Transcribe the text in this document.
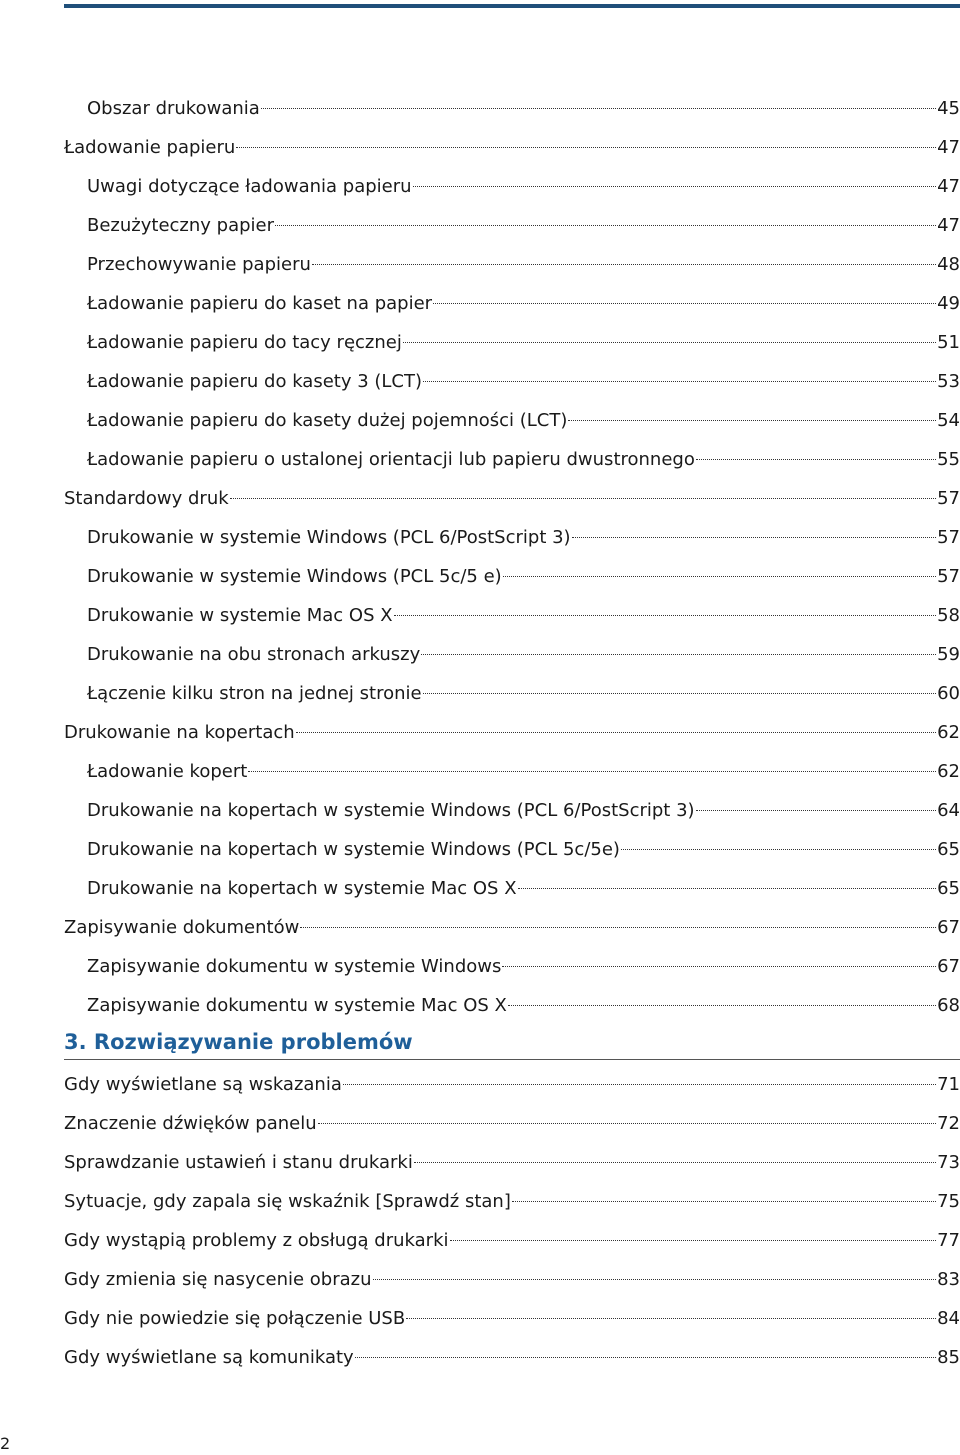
Obszar drukowania	45
Ładowanie papieru	47
Uwagi dotyczące ładowania papieru	47
Bezużyteczny papier	47
Przechowywanie papieru	48
Ładowanie papieru do kaset na papier	49
Ładowanie papieru do tacy ręcznej	51
Ładowanie papieru do kasety 3 (LCT)	53
Ładowanie papieru do kasety dużej pojemności (LCT)	54
Ładowanie papieru o ustalonej orientacji lub papieru dwustronnego	55
Standardowy druk	57
Drukowanie w systemie Windows (PCL 6/PostScript 3)	57
Drukowanie w systemie Windows (PCL 5c/5 e)	57
Drukowanie w systemie Mac OS X	58
Drukowanie na obu stronach arkuszy	59
Łączenie kilku stron na jednej stronie	60
Drukowanie na kopertach	62
Ładowanie kopert	62
Drukowanie na kopertach w systemie Windows (PCL 6/PostScript 3)	64
Drukowanie na kopertach w systemie Windows (PCL 5c/5e)	65
Drukowanie na kopertach w systemie Mac OS X	65
Zapisywanie dokumentów	67
Zapisywanie dokumentu w systemie Windows	67
Zapisywanie dokumentu w systemie Mac OS X	68
Gdy wyświetlane są wskazania	71
Znaczenie dźwięków panelu	72
Sprawdzanie ustawień i stanu drukarki	73
Sytuacje, gdy zapala się wskaźnik [Sprawdź stan]	75
Gdy wystąpią problemy z obsługą drukarki	77
Gdy zmienia się nasycenie obrazu	83
Gdy nie powiedzie się połączenie USB	84
Gdy wyświetlane są komunikaty	85
3. Rozwiązywanie problemów
2
